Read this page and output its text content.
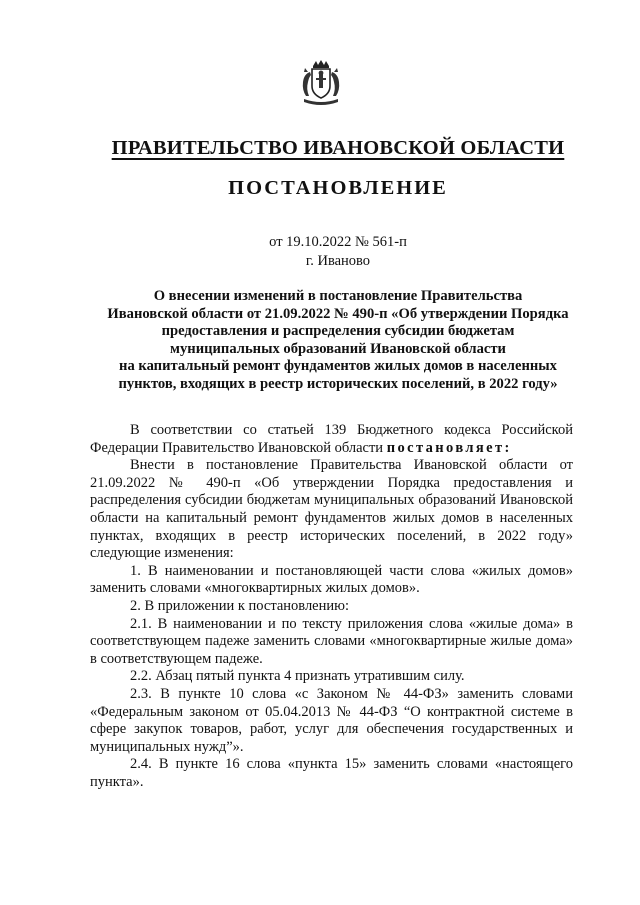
ПРАВИТЕЛЬСТВО ИВАНОВСКОЙ ОБЛАСТИ
ПОСТАНОВЛЕНИЕ
от 19.10.2022 № 561-п
г. Иваново
О внесении изменений в постановление Правительства
Ивановской области от 21.09.2022 № 490-п «Об утверждении Порядка
предоставления и распределения субсидии бюджетам
муниципальных образований Ивановской области
на капитальный ремонт фундаментов жилых домов в населенных
пунктов, входящих в реестр исторических поселений, в 2022 году»

В соответствии со статьей 139 Бюджетного кодекса Российской Федерации Правительство Ивановской области постановляет:

Внести в постановление Правительства Ивановской области от 21.09.2022 № 490-п «Об утверждении Порядка предоставления и распределения субсидии бюджетам муниципальных образований Ивановской области на капитальный ремонт фундаментов жилых домов в населенных пунктах, входящих в реестр исторических поселений, в 2022 году» следующие изменения:

1. В наименовании и постановляющей части слова «жилых домов» заменить словами «многоквартирных жилых домов».

2. В приложении к постановлению:

2.1. В наименовании и по тексту приложения слова «жилые дома» в соответствующем падеже заменить словами «многоквартирные жилые дома» в соответствующем падеже.

2.2. Абзац пятый пункта 4 признать утратившим силу.

2.3. В пункте 10 слова «с Законом № 44-ФЗ» заменить словами «Федеральным законом от 05.04.2013 № 44-ФЗ “О контрактной системе в сфере закупок товаров, работ, услуг для обеспечения государственных и муниципальных нужд”».

2.4. В пункте 16 слова «пункта 15» заменить словами «настоящего пункта».
